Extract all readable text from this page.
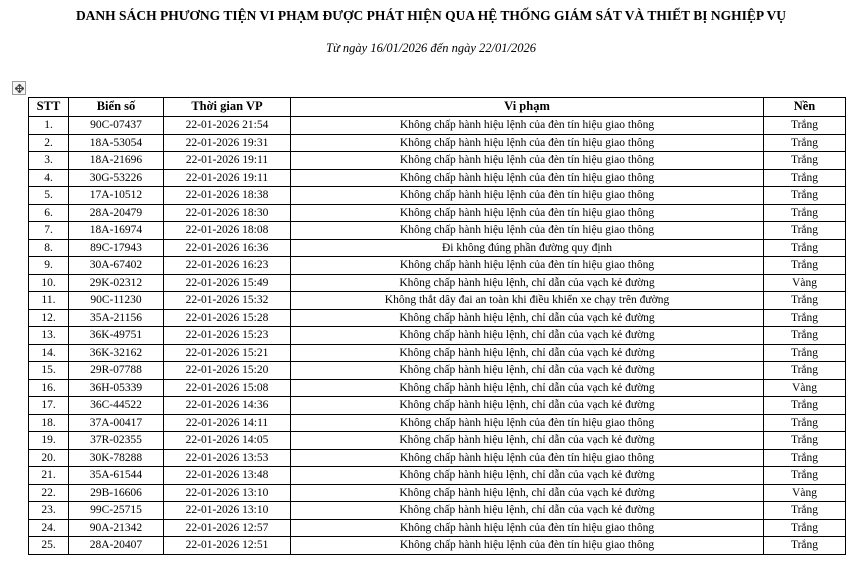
DANH SÁCH PHƯƠNG TIỆN VI PHẠM ĐƯỢC PHÁT HIỆN QUA HỆ THỐNG GIÁM SÁT VÀ THIẾT BỊ NGHIỆP VỤ
Từ ngày 16/01/2026 đến ngày 22/01/2026
STT	Biển số	Thời gian VP	Vi phạm	Nền
1.	90C-07437	22-01-2026 21:54	Không chấp hành hiệu lệnh của đèn tín hiệu giao thông	Trắng
2.	18A-53054	22-01-2026 19:31	Không chấp hành hiệu lệnh của đèn tín hiệu giao thông	Trắng
3.	18A-21696	22-01-2026 19:11	Không chấp hành hiệu lệnh của đèn tín hiệu giao thông	Trắng
4.	30G-53226	22-01-2026 19:11	Không chấp hành hiệu lệnh của đèn tín hiệu giao thông	Trắng
5.	17A-10512	22-01-2026 18:38	Không chấp hành hiệu lệnh của đèn tín hiệu giao thông	Trắng
6.	28A-20479	22-01-2026 18:30	Không chấp hành hiệu lệnh của đèn tín hiệu giao thông	Trắng
7.	18A-16974	22-01-2026 18:08	Không chấp hành hiệu lệnh của đèn tín hiệu giao thông	Trắng
8.	89C-17943	22-01-2026 16:36	Đi không đúng phần đường quy định	Trắng
9.	30A-67402	22-01-2026 16:23	Không chấp hành hiệu lệnh của đèn tín hiệu giao thông	Trắng
10.	29K-02312	22-01-2026 15:49	Không chấp hành hiệu lệnh, chỉ dẫn của vạch kẻ đường	Vàng
11.	90C-11230	22-01-2026 15:32	Không thắt dây đai an toàn khi điều khiển xe chạy trên đường	Trắng
12.	35A-21156	22-01-2026 15:28	Không chấp hành hiệu lệnh, chỉ dẫn của vạch kẻ đường	Trắng
13.	36K-49751	22-01-2026 15:23	Không chấp hành hiệu lệnh, chỉ dẫn của vạch kẻ đường	Trắng
14.	36K-32162	22-01-2026 15:21	Không chấp hành hiệu lệnh, chỉ dẫn của vạch kẻ đường	Trắng
15.	29R-07788	22-01-2026 15:20	Không chấp hành hiệu lệnh, chỉ dẫn của vạch kẻ đường	Trắng
16.	36H-05339	22-01-2026 15:08	Không chấp hành hiệu lệnh, chỉ dẫn của vạch kẻ đường	Vàng
17.	36C-44522	22-01-2026 14:36	Không chấp hành hiệu lệnh, chỉ dẫn của vạch kẻ đường	Trắng
18.	37A-00417	22-01-2026 14:11	Không chấp hành hiệu lệnh của đèn tín hiệu giao thông	Trắng
19.	37R-02355	22-01-2026 14:05	Không chấp hành hiệu lệnh, chỉ dẫn của vạch kẻ đường	Trắng
20.	30K-78288	22-01-2026 13:53	Không chấp hành hiệu lệnh của đèn tín hiệu giao thông	Trắng
21.	35A-61544	22-01-2026 13:48	Không chấp hành hiệu lệnh, chỉ dẫn của vạch kẻ đường	Trắng
22.	29B-16606	22-01-2026 13:10	Không chấp hành hiệu lệnh, chỉ dẫn của vạch kẻ đường	Vàng
23.	99C-25715	22-01-2026 13:10	Không chấp hành hiệu lệnh, chỉ dẫn của vạch kẻ đường	Trắng
24.	90A-21342	22-01-2026 12:57	Không chấp hành hiệu lệnh của đèn tín hiệu giao thông	Trắng
25.	28A-20407	22-01-2026 12:51	Không chấp hành hiệu lệnh của đèn tín hiệu giao thông	Trắng
